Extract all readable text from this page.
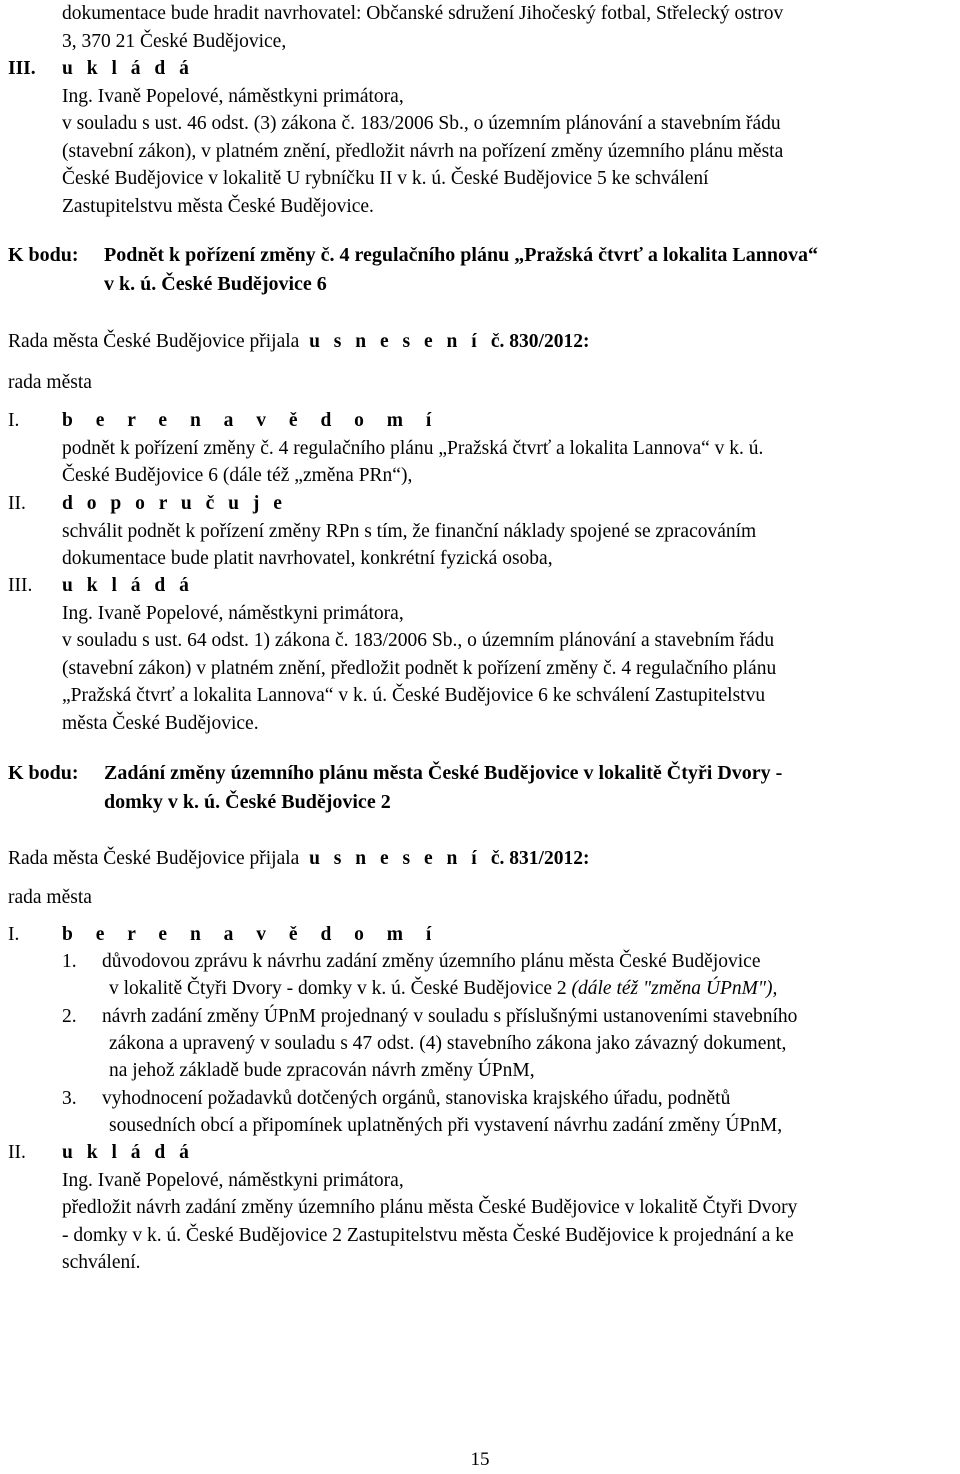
dokumentace bude hradit navrhovatel: Občanské sdružení Jihočeský fotbal, Střelecký ostrov
3, 370 21 České Budějovice,
III. u k l á d á
Ing. Ivaně Popelové, náměstkyni primátora,
v souladu s ust. 46 odst. (3) zákona č. 183/2006 Sb., o územním plánování a stavebním řádu
(stavební zákon), v platném znění, předložit návrh na pořízení změny územního plánu města
České Budějovice v lokalitě U rybníčku II v k. ú. České Budějovice 5 ke schválení
Zastupitelstvu města České Budějovice.
K bodu: Podnět k pořízení změny č. 4 regulačního plánu „Pražská čtvrť a lokalita Lannova“
v k. ú. České Budějovice 6
Rada města České Budějovice přijala u s n e s e n í č. 830/2012:
rada města
I. b e r e n a v ě d o m í
podnět k pořízení změny č. 4 regulačního plánu „Pražská čtvrť a lokalita Lannova“ v k. ú.
České Budějovice 6 (dále též „změna PRn“),
II. d o p o r u č u j e
schválit podnět k pořízení změny RPn s tím, že finanční náklady spojené se zpracováním
dokumentace bude platit navrhovatel, konkrétní fyzická osoba,
III. u k l á d á
Ing. Ivaně Popelové, náměstkyni primátora,
v souladu s ust. 64 odst. 1) zákona č. 183/2006 Sb., o územním plánování a stavebním řádu
(stavební zákon) v platném znění, předložit podnět k pořízení změny č. 4 regulačního plánu
„Pražská čtvrť a lokalita Lannova“ v k. ú. České Budějovice 6 ke schválení Zastupitelstvu
města České Budějovice.
K bodu: Zadání změny územního plánu města České Budějovice v lokalitě Čtyři Dvory -
domky v k. ú. České Budějovice 2
Rada města České Budějovice přijala u s n e s e n í č. 831/2012:
rada města
I. b e r e n a v ě d o m í
1. důvodovou zprávu k návrhu zadání změny územního plánu města České Budějovice
v lokalitě Čtyři Dvory - domky v k. ú. České Budějovice 2 (dále též "změna ÚPnM"),
2. návrh zadání změny ÚPnM projednaný v souladu s příslušnými ustanoveními stavebního
zákona a upravený v souladu s 47 odst. (4) stavebního zákona jako závazný dokument,
na jehož základě bude zpracován návrh změny ÚPnM,
3. vyhodnocení požadavků dotčených orgánů, stanoviska krajského úřadu, podnětů
sousedních obcí a připomínek uplatněných při vystavení návrhu zadání změny ÚPnM,
II. u k l á d á
Ing. Ivaně Popelové, náměstkyni primátora,
předložit návrh zadání změny územního plánu města České Budějovice v lokalitě Čtyři Dvory
- domky v k. ú. České Budějovice 2 Zastupitelstvu města České Budějovice k projednání a ke
schválení.
15
